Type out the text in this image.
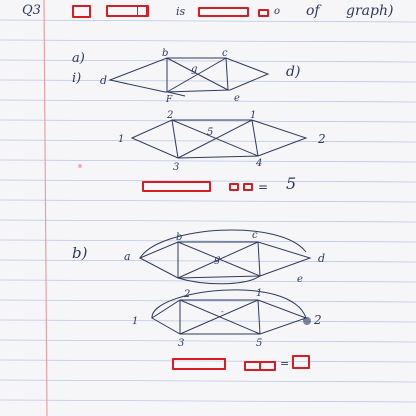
Q3	is	of graph)
o
a)
i) d
b	c
g
F	e
d)
2	1
1
5	2
3	4
= 5
b)	a
b	c
g	d
e
2	1
1
-
2
3	5
=
